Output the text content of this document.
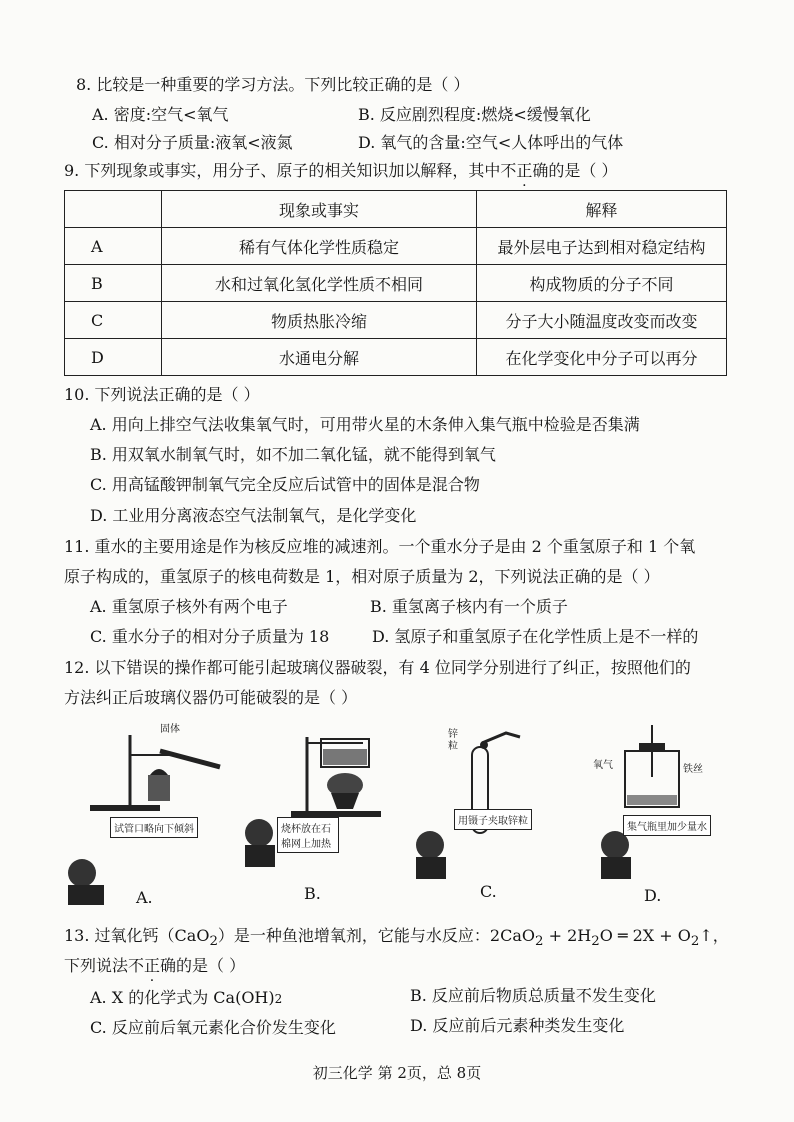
8. 比较是一种重要的学习方法。下列比较正确的是（ ）
A. 密度:空气<氧气	B. 反应剧烈程度:燃烧<缓慢氧化
C. 相对分子质量:液氧<液氮	D. 氧气的含量:空气<人体呼出的气体
9. 下列现象或事实，用分子、原子的相关知识加以解释，其中不正确的是（ ）
	现象或事实	解释
A	稀有气体化学性质稳定	最外层电子达到相对稳定结构
B	水和过氧化氢化学性质不相同	构成物质的分子不同
C	物质热胀冷缩	分子大小随温度改变而改变
D	水通电分解	在化学变化中分子可以再分
10. 下列说法正确的是（ ）
A. 用向上排空气法收集氧气时，可用带火星的木条伸入集气瓶中检验是否集满
B. 用双氧水制氧气时，如不加二氧化锰，就不能得到氧气
C. 用高锰酸钾制氧气完全反应后试管中的固体是混合物
D. 工业用分离液态空气法制氧气，是化学变化
11. 重水的主要用途是作为核反应堆的减速剂。一个重水分子是由 2 个重氢原子和 1 个氧
原子构成的，重氢原子的核电荷数是 1，相对原子质量为 2，下列说法正确的是（ ）
A. 重氢原子核外有两个电子	B. 重氢离子核内有一个质子
C. 重水分子的相对分子质量为 18	D. 氢原子和重氢原子在化学性质上是不一样的
12. 以下错误的操作都可能引起玻璃仪器破裂，有 4 位同学分别进行了纠正，按照他们的
方法纠正后玻璃仪器仍可能破裂的是（ ）
固体
试管口略向下倾斜
A.
烧杯放在石棉网上加热
B.
锌粒
用镊子夹取锌粒
C.
氧气	铁丝
集气瓶里加少量水
D.
13. 过氧化钙（CaO$_2$）是一种鱼池增氧剂，它能与水反应：$2CaO_2 + 2H_2O$ ═ $2X + O_2↑$，
下列说法不正确的是（ ）
A. X 的化学式为 Ca(OH)2	B. 反应前后物质总质量不发生变化
C. 反应前后氧元素化合价发生变化	D. 反应前后元素种类发生变化
初三化学 第 2页，总 8页
